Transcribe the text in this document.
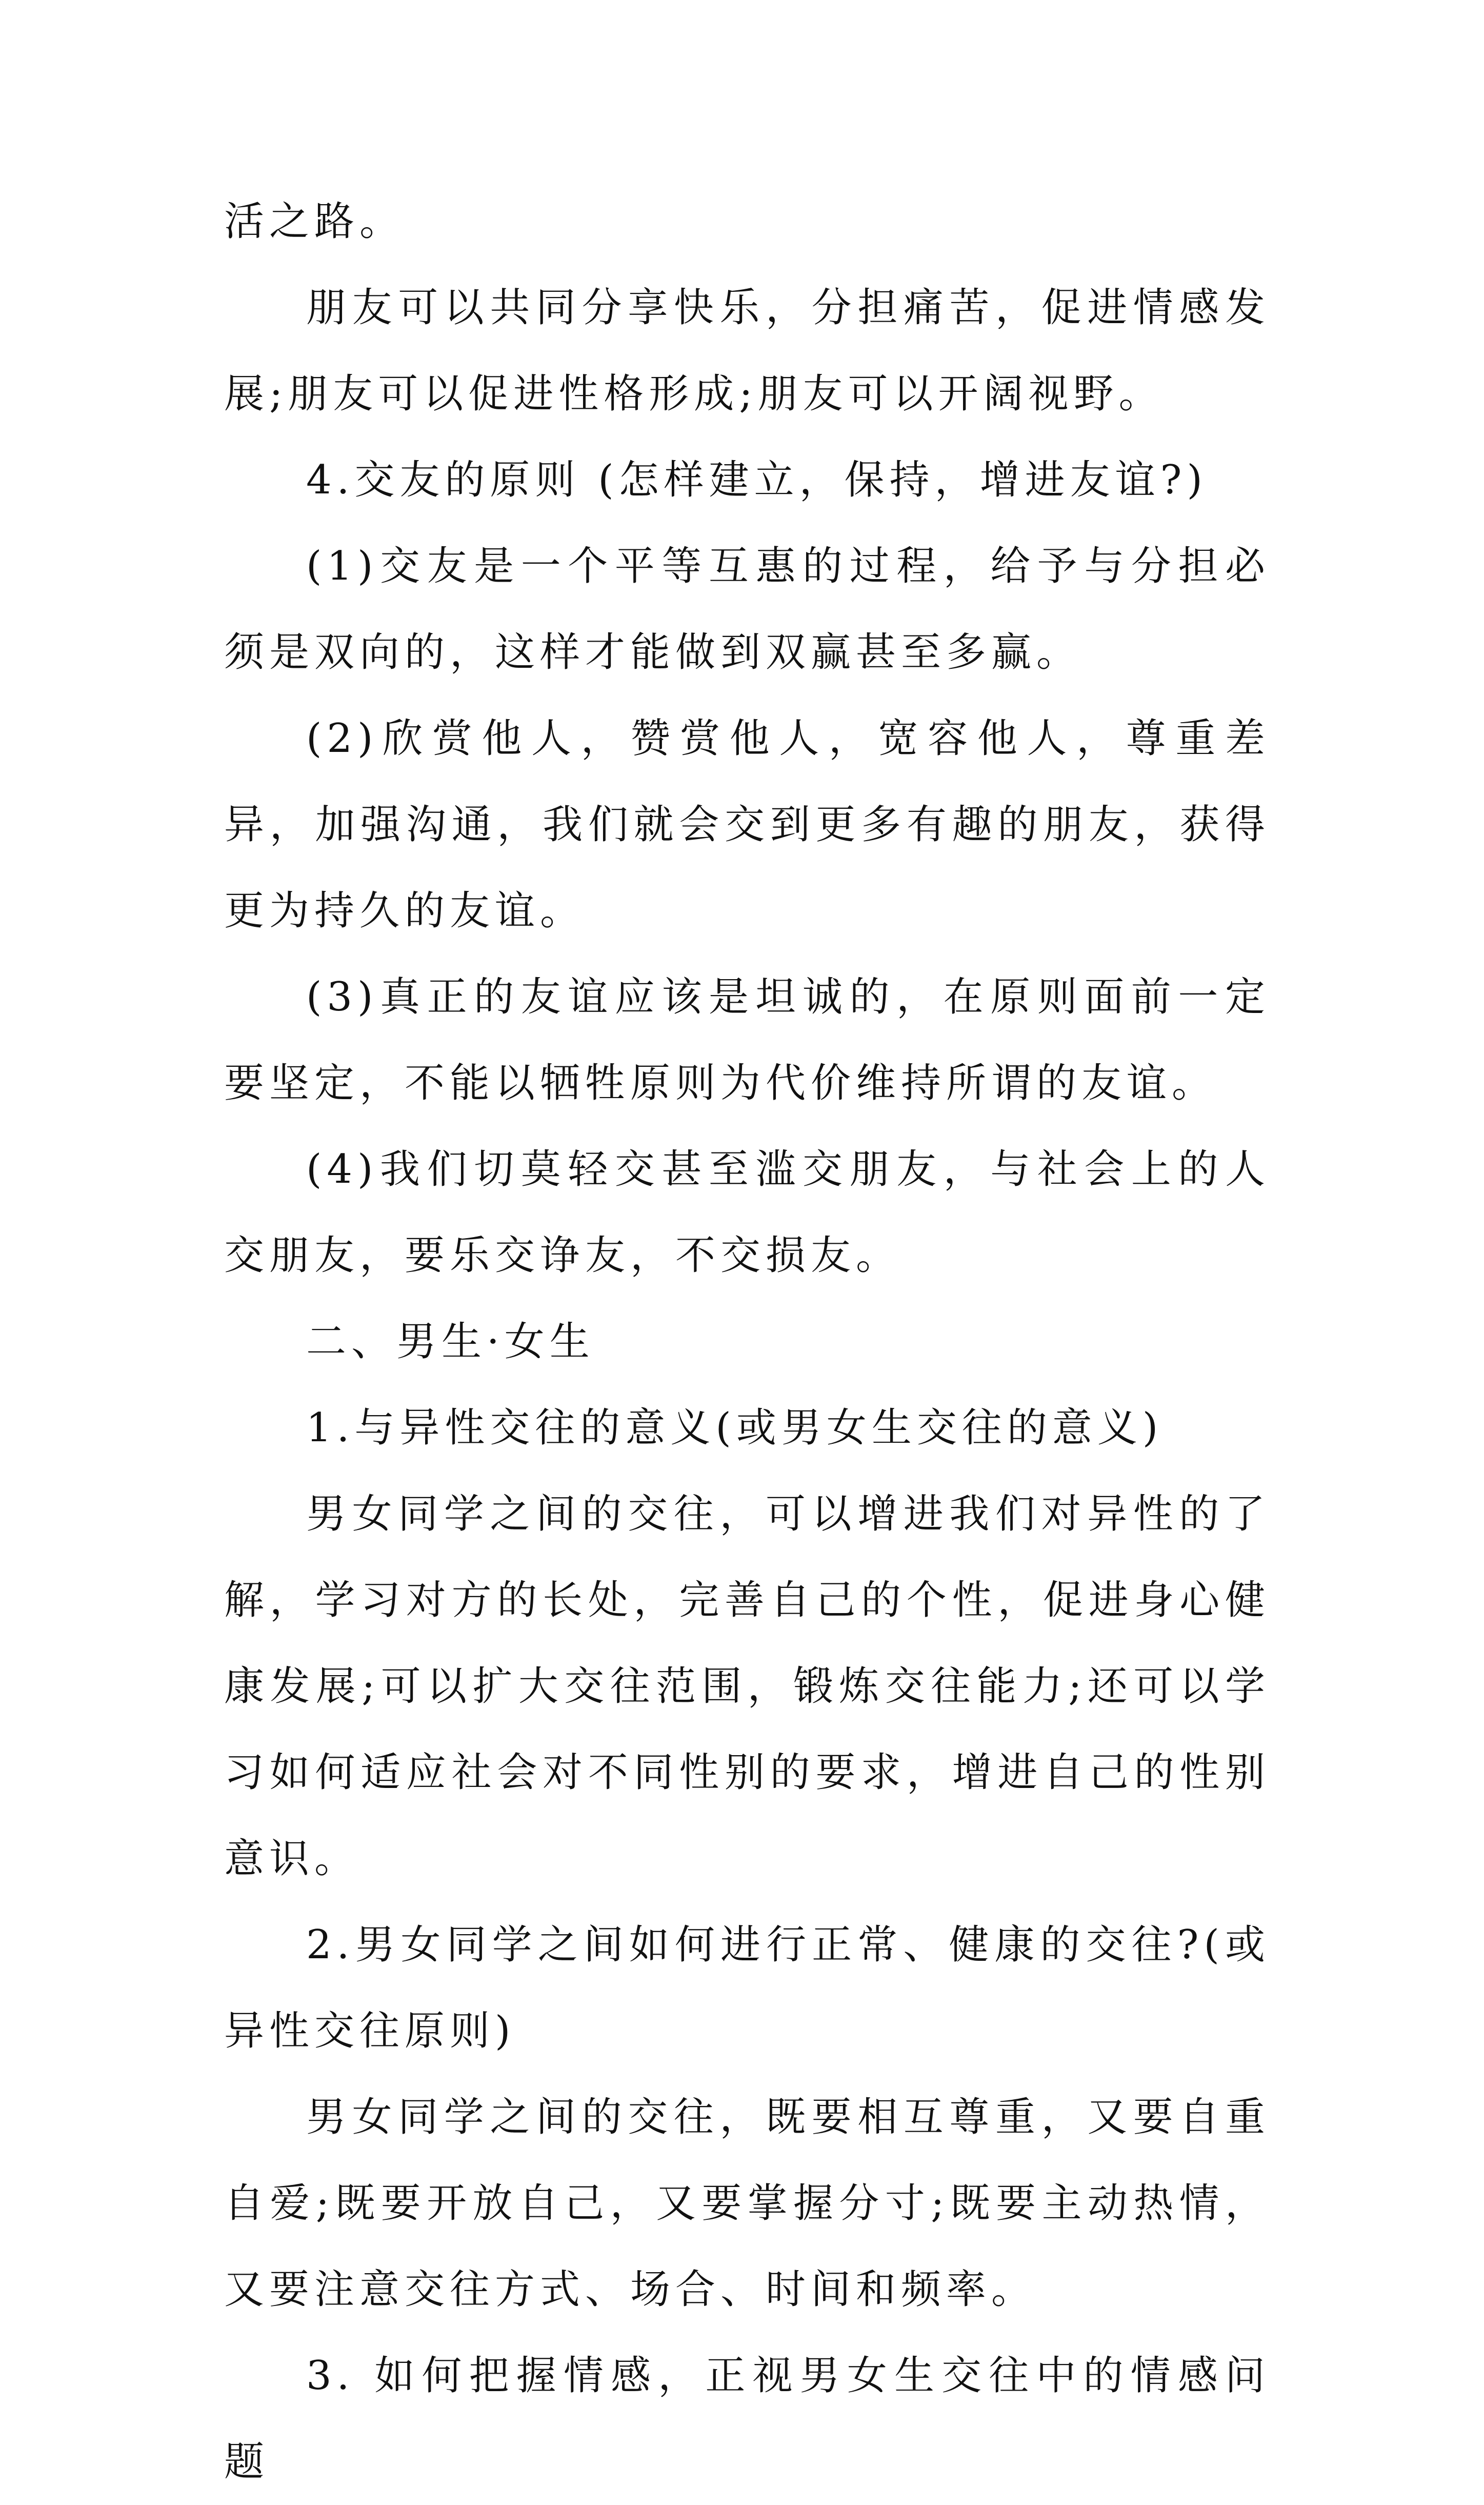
活之路。

朋友可以共同分享快乐，分担痛苦，促进情感发展;朋友可以促进性格形成;朋友可以开阔视野。

4.交友的原则 (怎样建立，保持，增进友谊?)

(1)交友是一个平等互惠的过程，给予与分担必须是双向的，这样才能做到双赢甚至多赢。

(2)欣赏他人，赞赏他人，宽容他人，尊重差异，加强沟通，我们就会交到更多有趣的朋友，获得更为持久的友谊。

(3)真正的友谊应该是坦诚的，在原则面前一定要坚定，不能以牺牲原则为代价维持所谓的友谊。

(4)我们切莫轻交甚至滥交朋友，与社会上的人交朋友，要乐交诤友，不交损友。

二、男生·女生

1.与异性交往的意义(或男女生交往的意义)

男女同学之间的交往，可以增进我们对异性的了解，学习对方的长处，完善自己的个性，促进身心健康发展;可以扩大交往范围，锻炼交往能力;还可以学习如何适应社会对不同性别的要求，增进自己的性别意识。

2.男女同学之间如何进行正常、健康的交往?(或异性交往原则)

男女同学之间的交往，既要相互尊重，又要自重自爱;既要开放自己，又要掌握分寸;既要主动热情，又要注意交往方式、场合、时间和频率。

3. 如何把握情感，正视男女生交往中的情感问题
